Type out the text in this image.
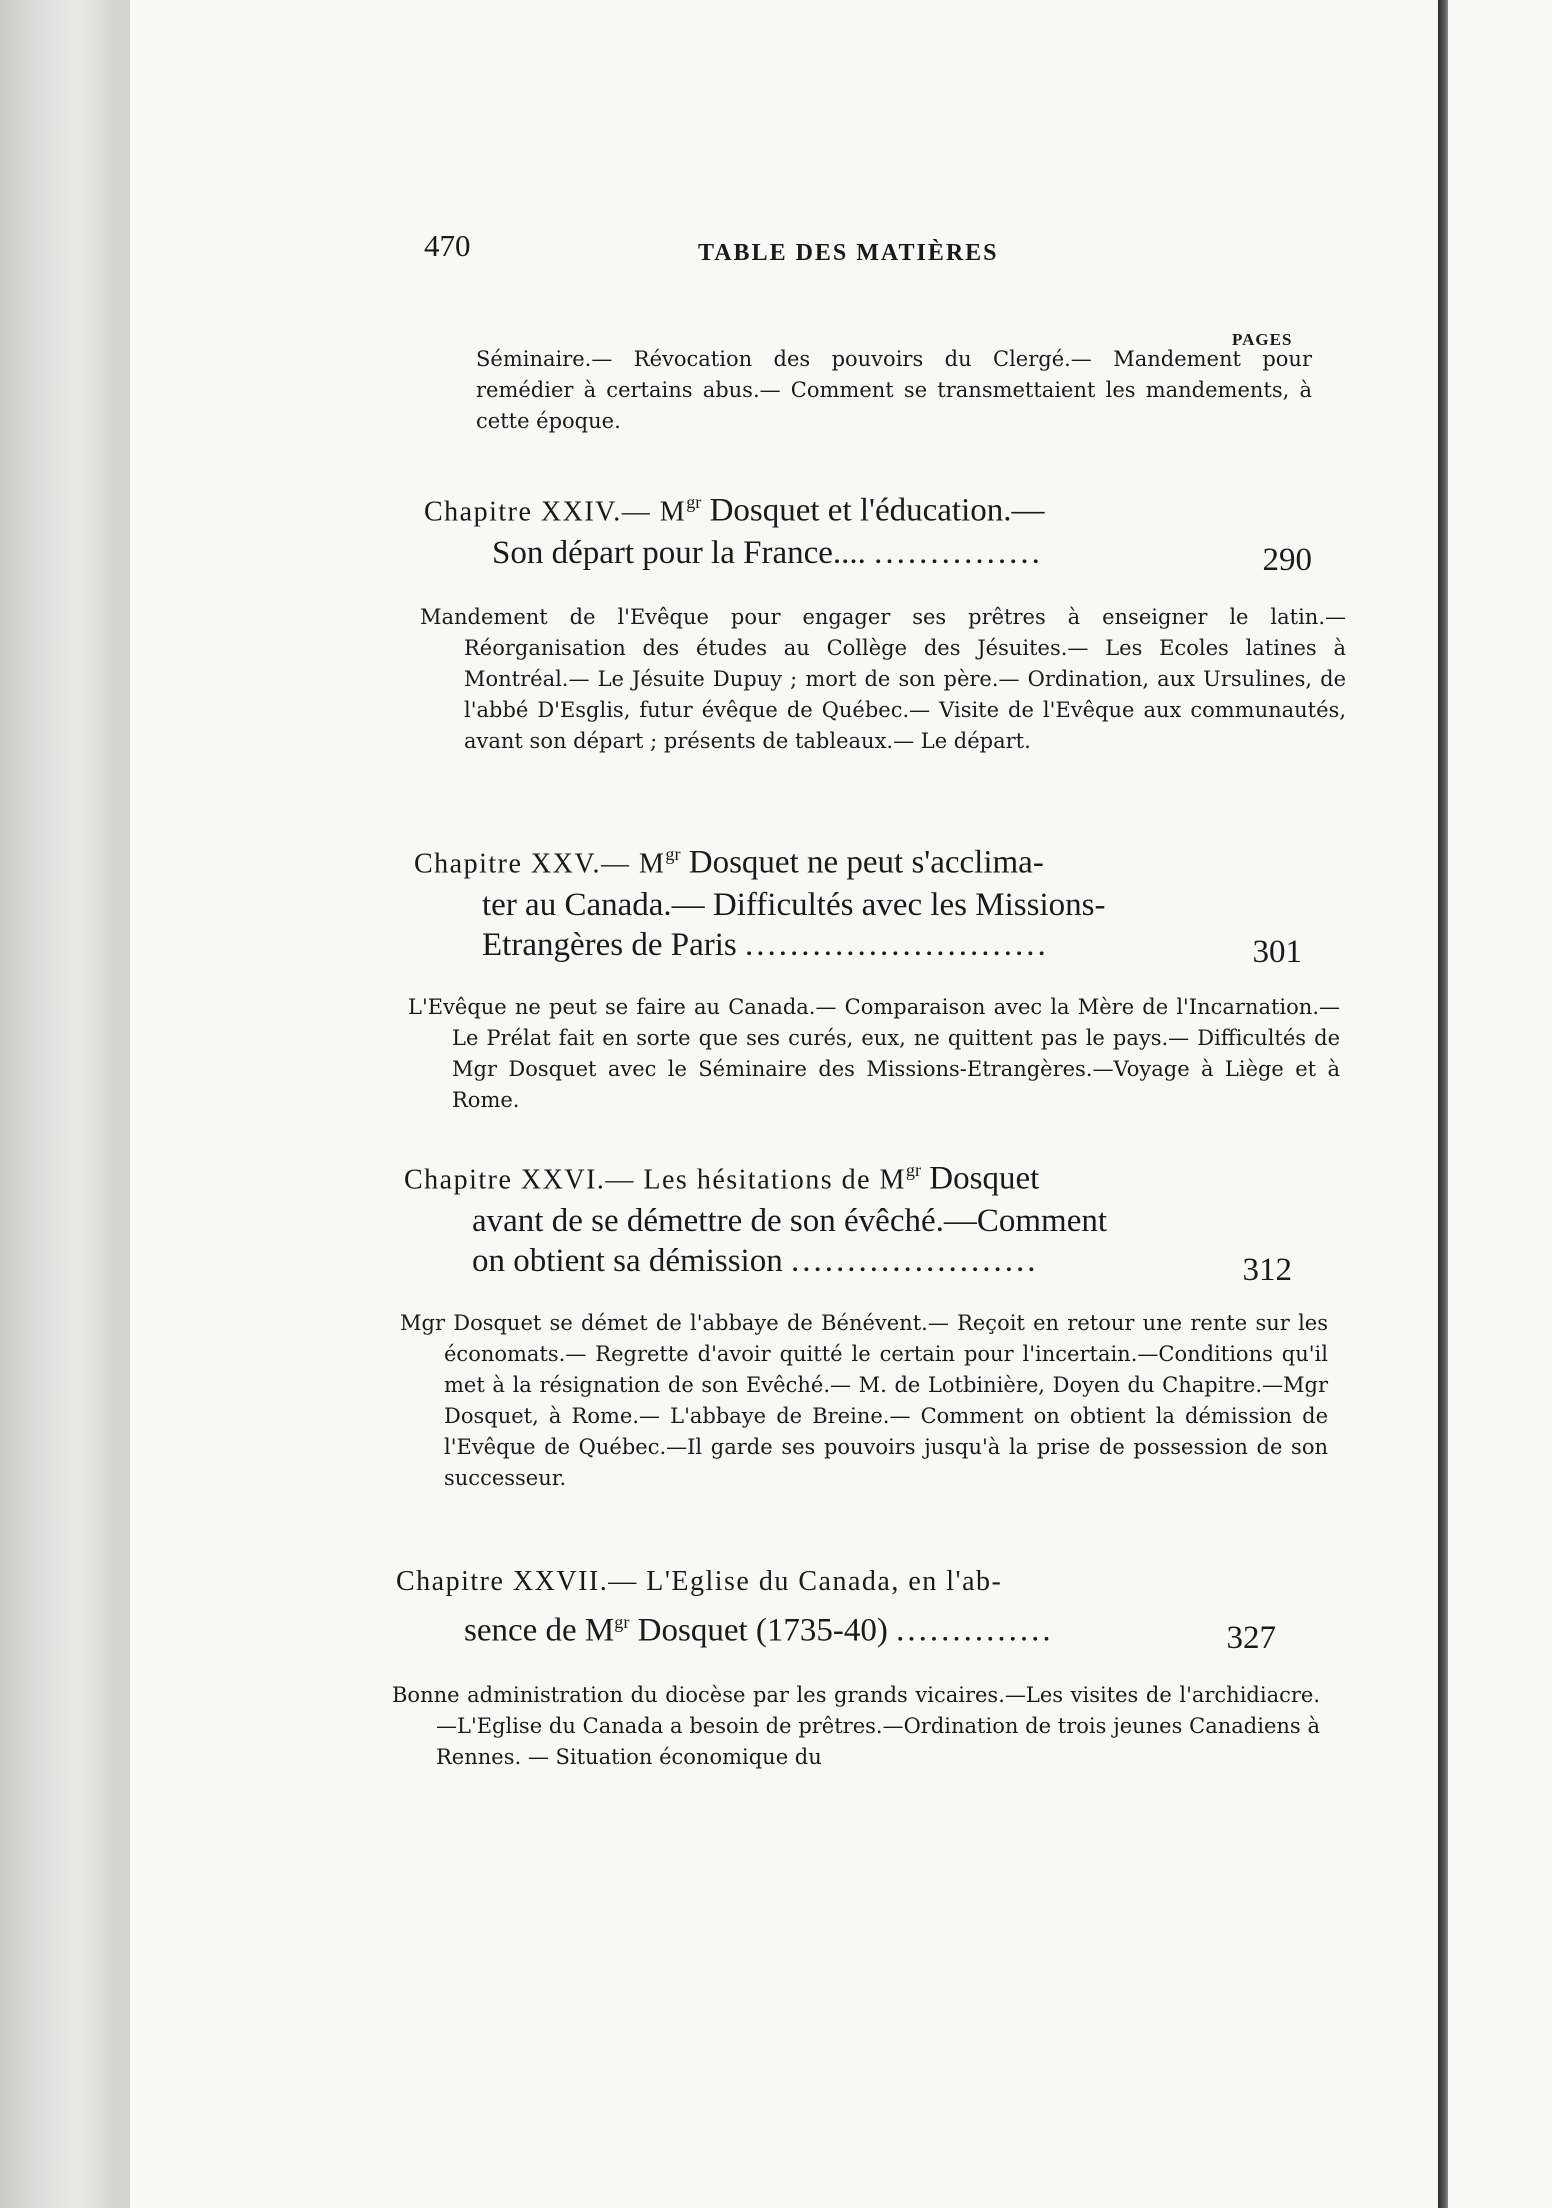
470	TABLE DES MATIÈRES
PAGES

Séminaire.— Révocation des pouvoirs du Clergé.— Mandement pour remédier à certains abus.— Comment se transmettaient les mandements, à cette époque.

Chapitre XXIV.— $M^{gr}$ Dosquet et l'éducation.—
Son départ pour la France.... ...............	290

Mandement de l'Evêque pour engager ses prêtres à enseigner le latin.— Réorganisation des études au Collège des Jésuites.— Les Ecoles latines à Montréal.— Le Jésuite Dupuy ; mort de son père.— Ordination, aux Ursulines, de l'abbé D'Esglis, futur évêque de Québec.— Visite de l'Evêque aux communautés, avant son départ ; présents de tableaux.— Le départ.

Chapitre XXV.— $M^{gr}$ Dosquet ne peut s'acclima-
ter au Canada.— Difficultés avec les Missions-
Etrangères de Paris ...........................	301

L'Evêque ne peut se faire au Canada.— Comparaison avec la Mère de l'Incarnation.—Le Prélat fait en sorte que ses curés, eux, ne quittent pas le pays.— Difficultés de Mgr Dosquet avec le Séminaire des Missions-Etrangères.—Voyage à Liège et à Rome.

Chapitre XXVI.— Les hésitations de $M^{gr}$ Dosquet
avant de se démettre de son évêché.—Comment
on obtient sa démission ......................	312

Mgr Dosquet se démet de l'abbaye de Bénévent.— Reçoit en retour une rente sur les économats.— Regrette d'avoir quitté le certain pour l'incertain.—Conditions qu'il met à la résignation de son Evêché.— M. de Lotbinière, Doyen du Chapitre.—Mgr Dosquet, à Rome.— L'abbaye de Breine.— Comment on obtient la démission de l'Evêque de Québec.—Il garde ses pouvoirs jusqu'à la prise de possession de son successeur.

Chapitre XXVII.— L'Eglise du Canada, en l'ab-
sence de $M^{gr}$ Dosquet (1735-40) ..............	327

Bonne administration du diocèse par les grands vicaires.—Les visites de l'archidiacre.—L'Eglise du Canada a besoin de prêtres.—Ordination de trois jeunes Canadiens à Rennes. — Situation économique du
